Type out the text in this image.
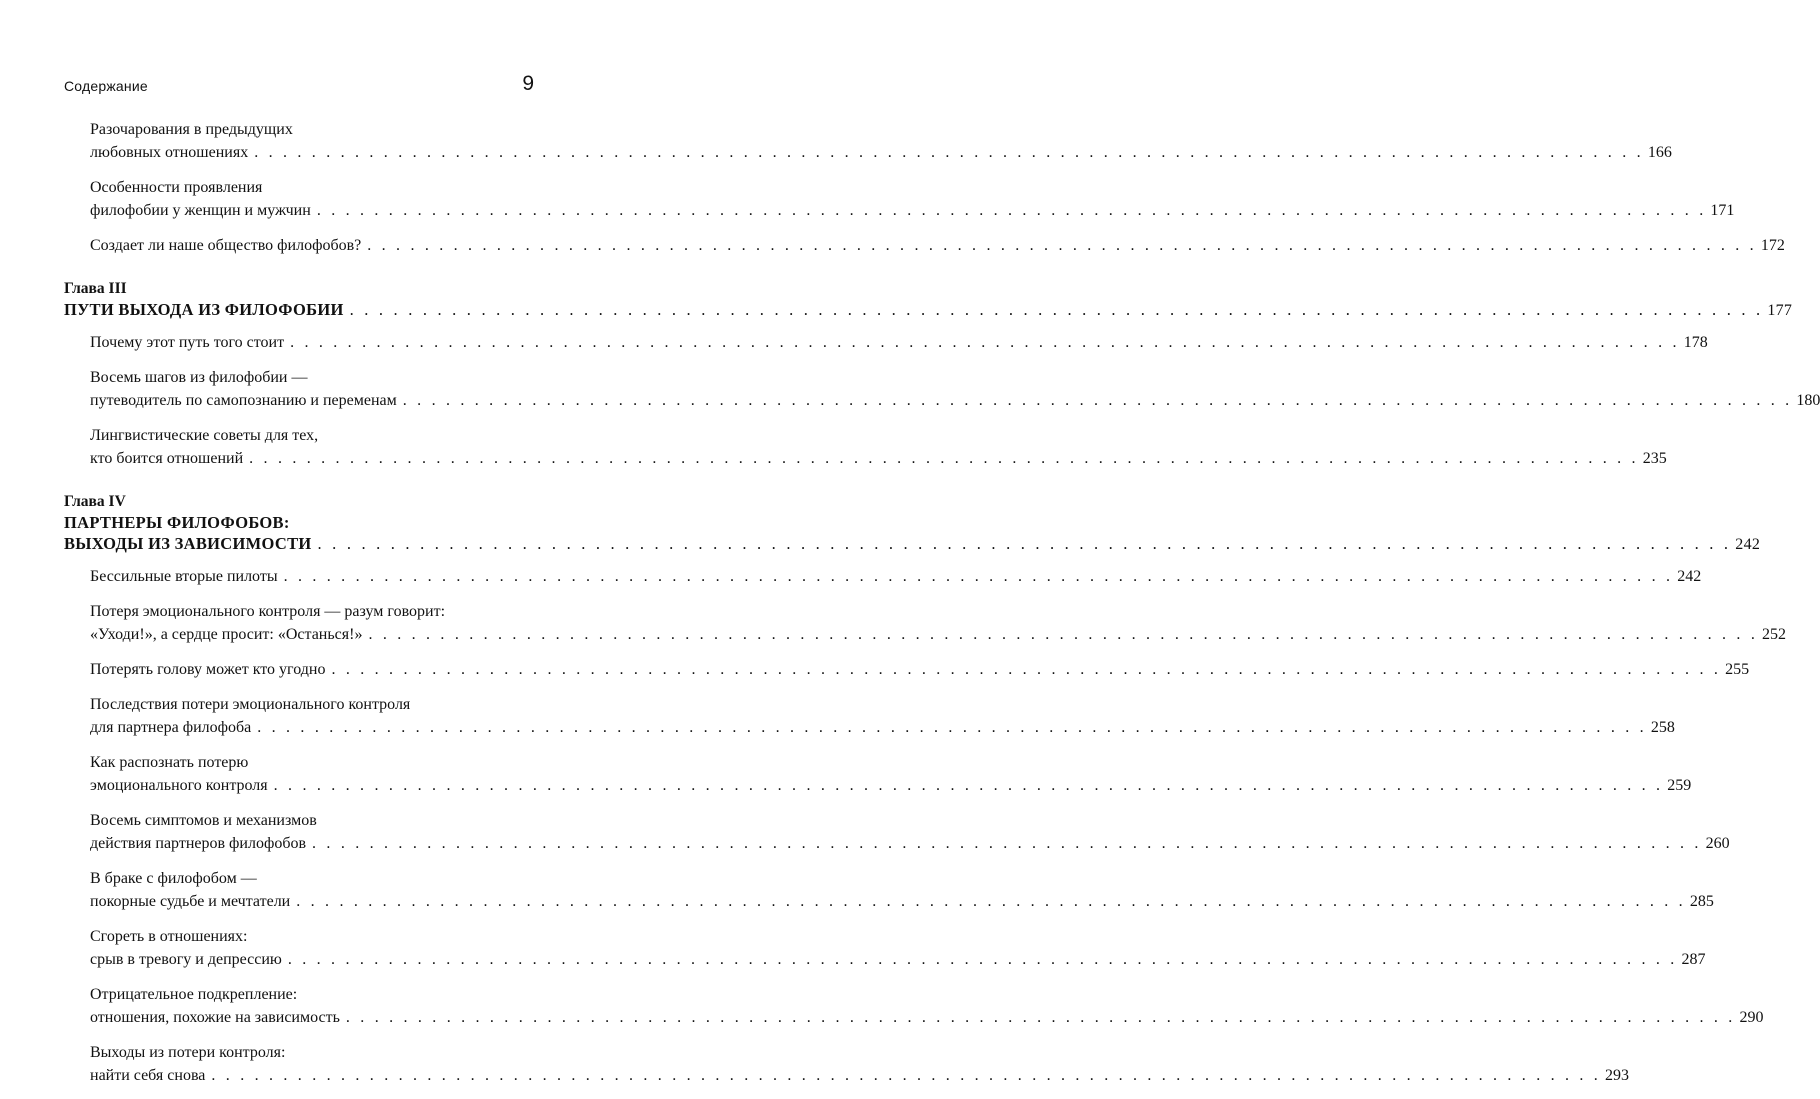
Содержание	9
Разочарования в предыдущих
любовных отношениях . . .	166
Особенности проявления
филофобии у женщин и мужчин . . .	171
Создает ли наше общество филофобов? . . .	172
Глава III
ПУТИ ВЫХОДА ИЗ ФИЛОФОБИИ . . .	177
Почему этот путь того стоит . . .	178
Восемь шагов из филофобии —
путеводитель по самопознанию и переменам . . .	180
Лингвистические советы для тех,
кто боится отношений . . .	235
Глава IV
ПАРТНЕРЫ ФИЛОФОБОВ:
ВЫХОДЫ ИЗ ЗАВИСИМОСТИ . . .	242
Бессильные вторые пилоты . . .	242
Потеря эмоционального контроля — разум говорит:
«Уходи!», а сердце просит: «Останься!» . . .	252
Потерять голову может кто угодно . . .	255
Последствия потери эмоционального контроля
для партнера филофоба . . .	258
Как распознать потерю
эмоционального контроля . . .	259
Восемь симптомов и механизмов
действия партнеров филофобов . . .	260
В браке с филофобом —
покорные судьбе и мечтатели . . .	285
Сгореть в отношениях:
срыв в тревогу и депрессию . . .	287
Отрицательное подкрепление:
отношения, похожие на зависимость . . .	290
Выходы из потери контроля:
найти себя снова . . .	293
